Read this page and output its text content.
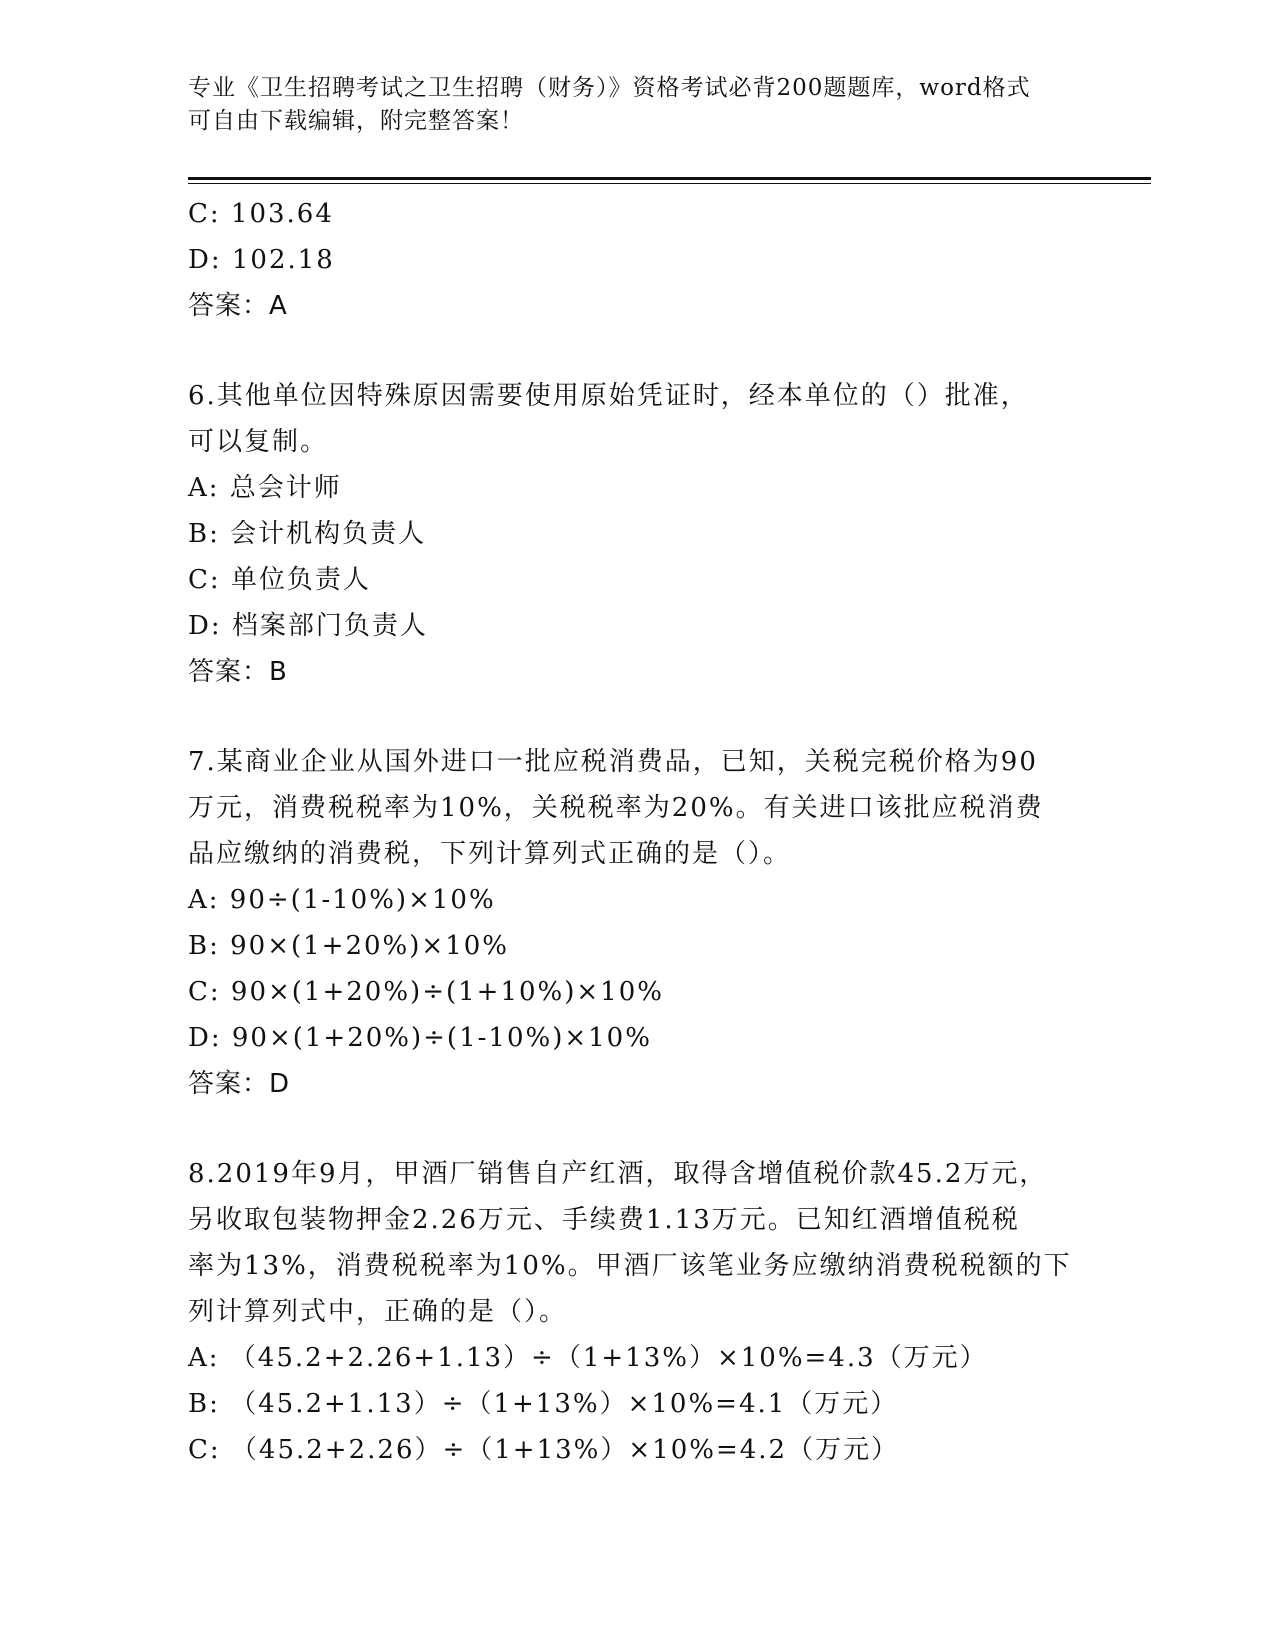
专业《卫生招聘考试之卫生招聘（财务）》资格考试必背200题题库，word格式
可自由下载编辑，附完整答案！
C: 103.64
D: 102.18
答案：A
6.其他单位因特殊原因需要使用原始凭证时，经本单位的（）批准，
可以复制。
A: 总会计师
B: 会计机构负责人
C: 单位负责人
D: 档案部门负责人
答案：B
7.某商业企业从国外进口一批应税消费品，已知，关税完税价格为90
万元，消费税税率为10%，关税税率为20%。有关进口该批应税消费
品应缴纳的消费税，下列计算列式正确的是（）。
A: 90÷(1-10%)×10%
B: 90×(1+20%)×10%
C: 90×(1+20%)÷(1+10%)×10%
D: 90×(1+20%)÷(1-10%)×10%
答案：D
8.2019年9月，甲酒厂销售自产红酒，取得含增值税价款45.2万元，
另收取包装物押金2.26万元、手续费1.13万元。已知红酒增值税税
率为13%，消费税税率为10%。甲酒厂该笔业务应缴纳消费税税额的下
列计算列式中，正确的是（）。
A: （45.2+2.26+1.13）÷（1+13%）×10%=4.3（万元）
B: （45.2+1.13）÷（1+13%）×10%=4.1（万元）
C: （45.2+2.26）÷（1+13%）×10%=4.2（万元）
